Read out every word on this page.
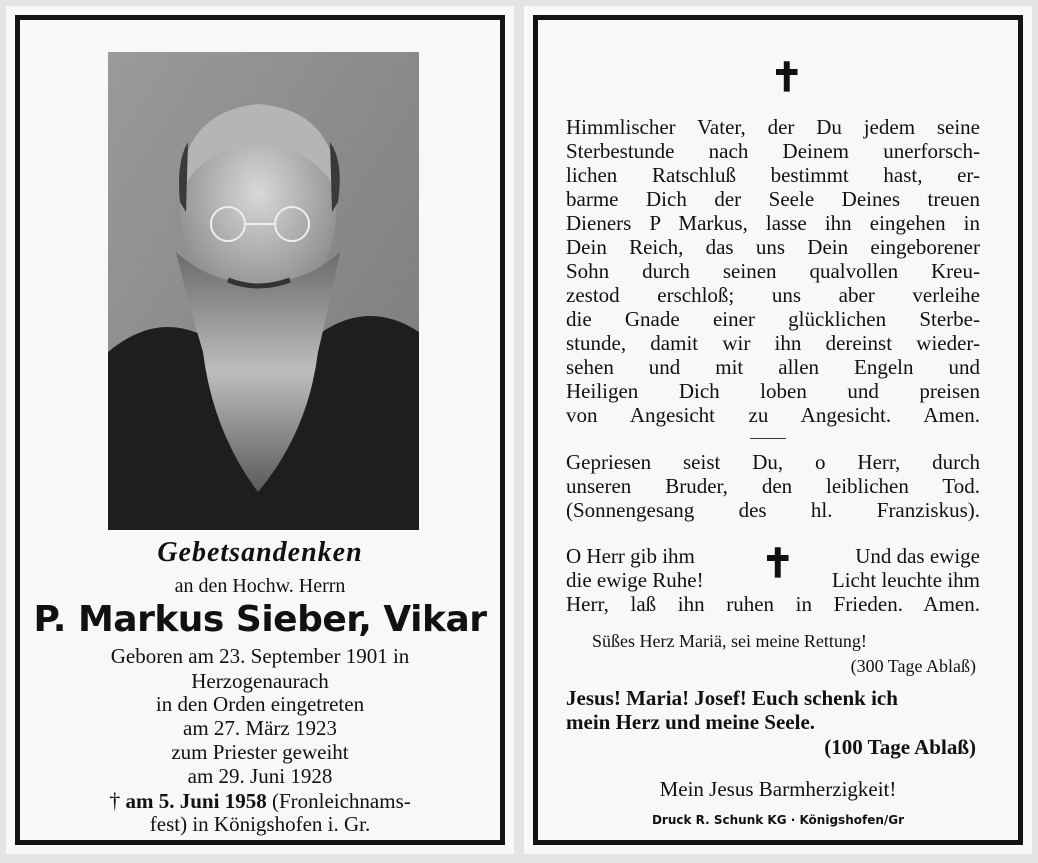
Gebetsandenken
an den Hochw. Herrn
P. Markus Sieber, Vikar
Geboren am 23. September 1901 in
Herzogenaurach
in den Orden eingetreten
am 27. März 1923
zum Priester geweiht
am 29. Juni 1928
† am 5. Juni 1958 (Fronleichnams-
fest) in Königshofen i. Gr.
✝
Himmlischer Vater, der Du jedem seine
Sterbestunde nach Deinem unerforsch-
lichen Ratschluß bestimmt hast, er-
barme Dich der Seele Deines treuen
Dieners P Markus, lasse ihn eingehen in
Dein Reich, das uns Dein eingeborener
Sohn durch seinen qualvollen Kreu-
zestod erschloß; uns aber verleihe
die Gnade einer glücklichen Sterbe-
stunde, damit wir ihn dereinst wieder-
sehen und mit allen Engeln und
Heiligen Dich loben und preisen
von Angesicht zu Angesicht. Amen.
Gepriesen seist Du, o Herr, durch
unseren Bruder, den leiblichen Tod.
(Sonnengesang des hl. Franziskus).
O Herr gib ihm	Und das ewige
die ewige Ruhe!	Licht leuchte ihm
✝
Herr, laß ihn ruhen in Frieden. Amen.
Süßes Herz Mariä, sei meine Rettung!
(300 Tage Ablaß)
Jesus! Maria! Josef! Euch schenk ich
mein Herz und meine Seele.
(100 Tage Ablaß)
Mein Jesus Barmherzigkeit!
Druck R. Schunk KG · Königshofen/Gr
